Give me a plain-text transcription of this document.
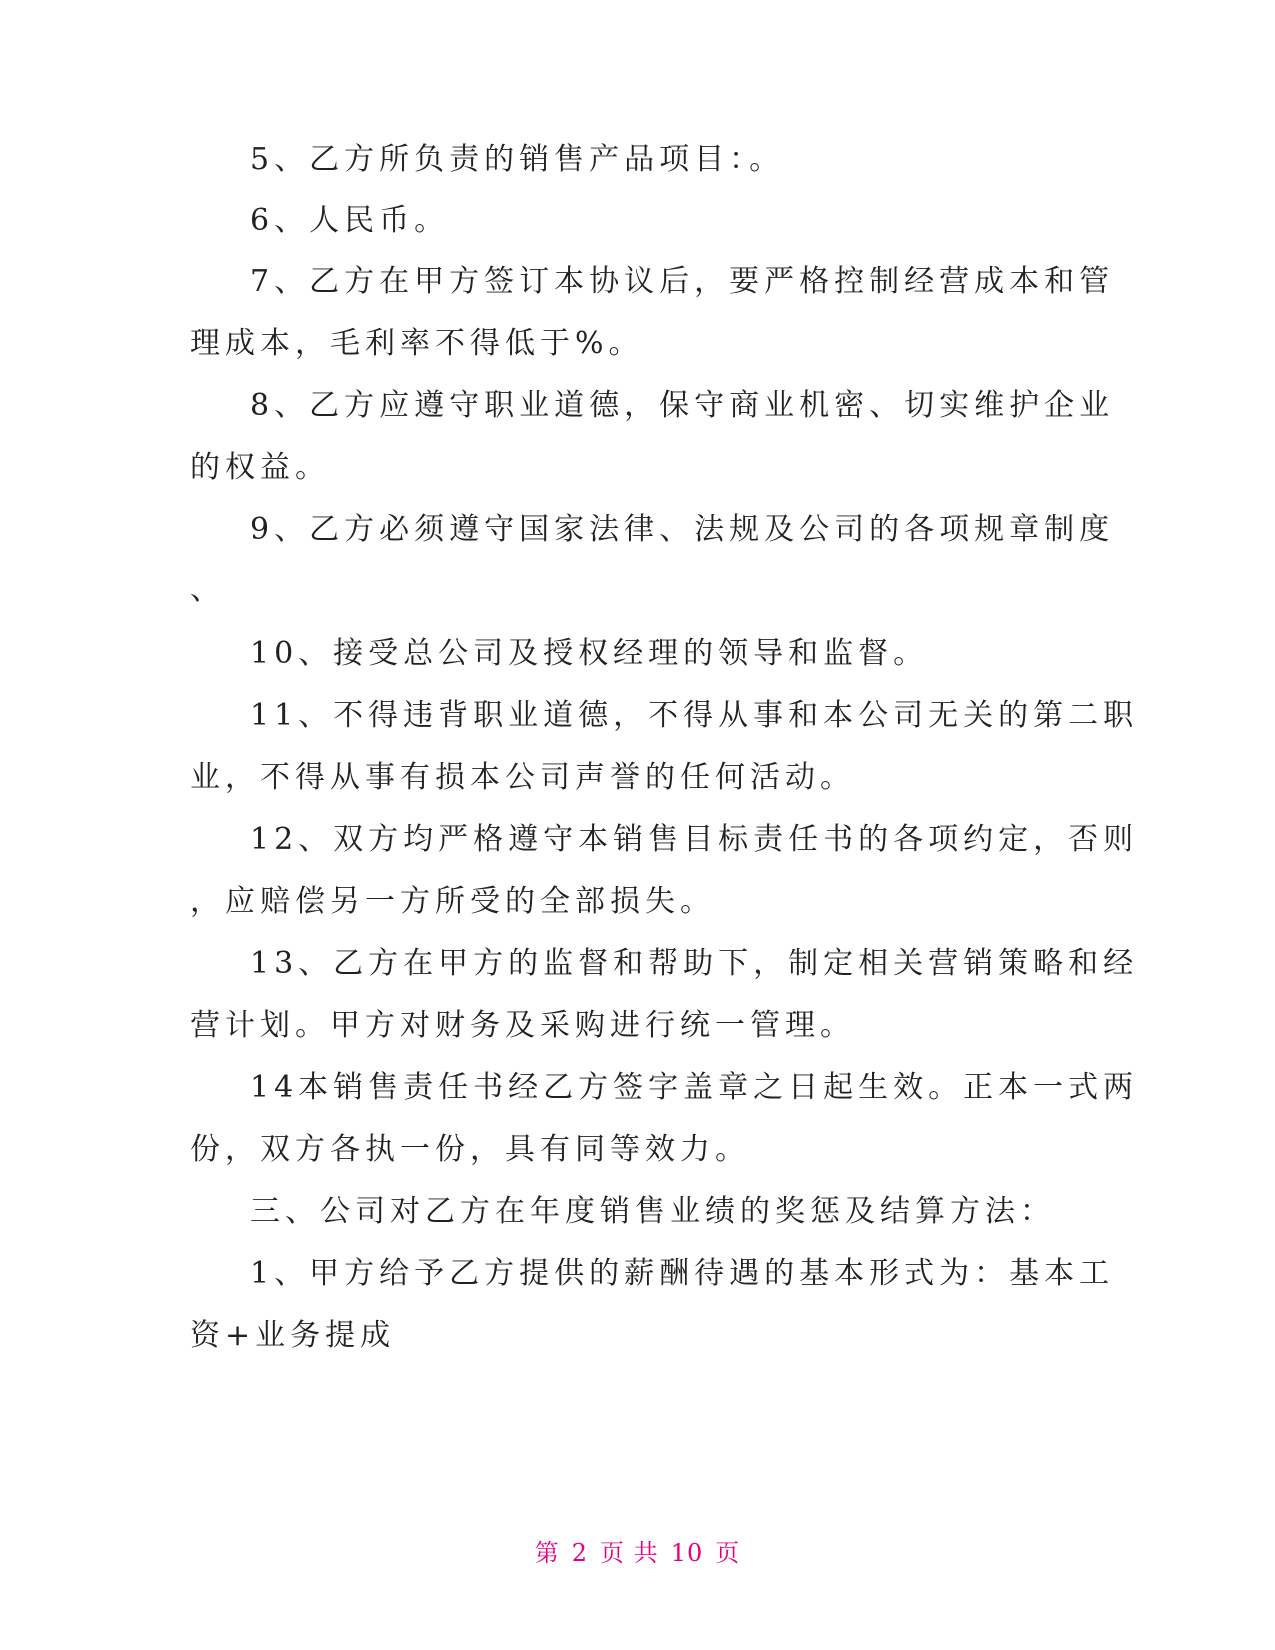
5、乙方所负责的销售产品项目：。
6、人民币。
7、乙方在甲方签订本协议后，要严格控制经营成本和管
理成本，毛利率不得低于%。
8、乙方应遵守职业道德，保守商业机密、切实维护企业
的权益。
9、乙方必须遵守国家法律、法规及公司的各项规章制度
、
10、接受总公司及授权经理的领导和监督。
11、不得违背职业道德，不得从事和本公司无关的第二职
业，不得从事有损本公司声誉的任何活动。
12、双方均严格遵守本销售目标责任书的各项约定，否则
，应赔偿另一方所受的全部损失。
13、乙方在甲方的监督和帮助下，制定相关营销策略和经
营计划。甲方对财务及采购进行统一管理。
14本销售责任书经乙方签字盖章之日起生效。正本一式两
份，双方各执一份，具有同等效力。
三、公司对乙方在年度销售业绩的奖惩及结算方法：
1、甲方给予乙方提供的薪酬待遇的基本形式为：基本工
资+业务提成
第 2 页 共 10 页
